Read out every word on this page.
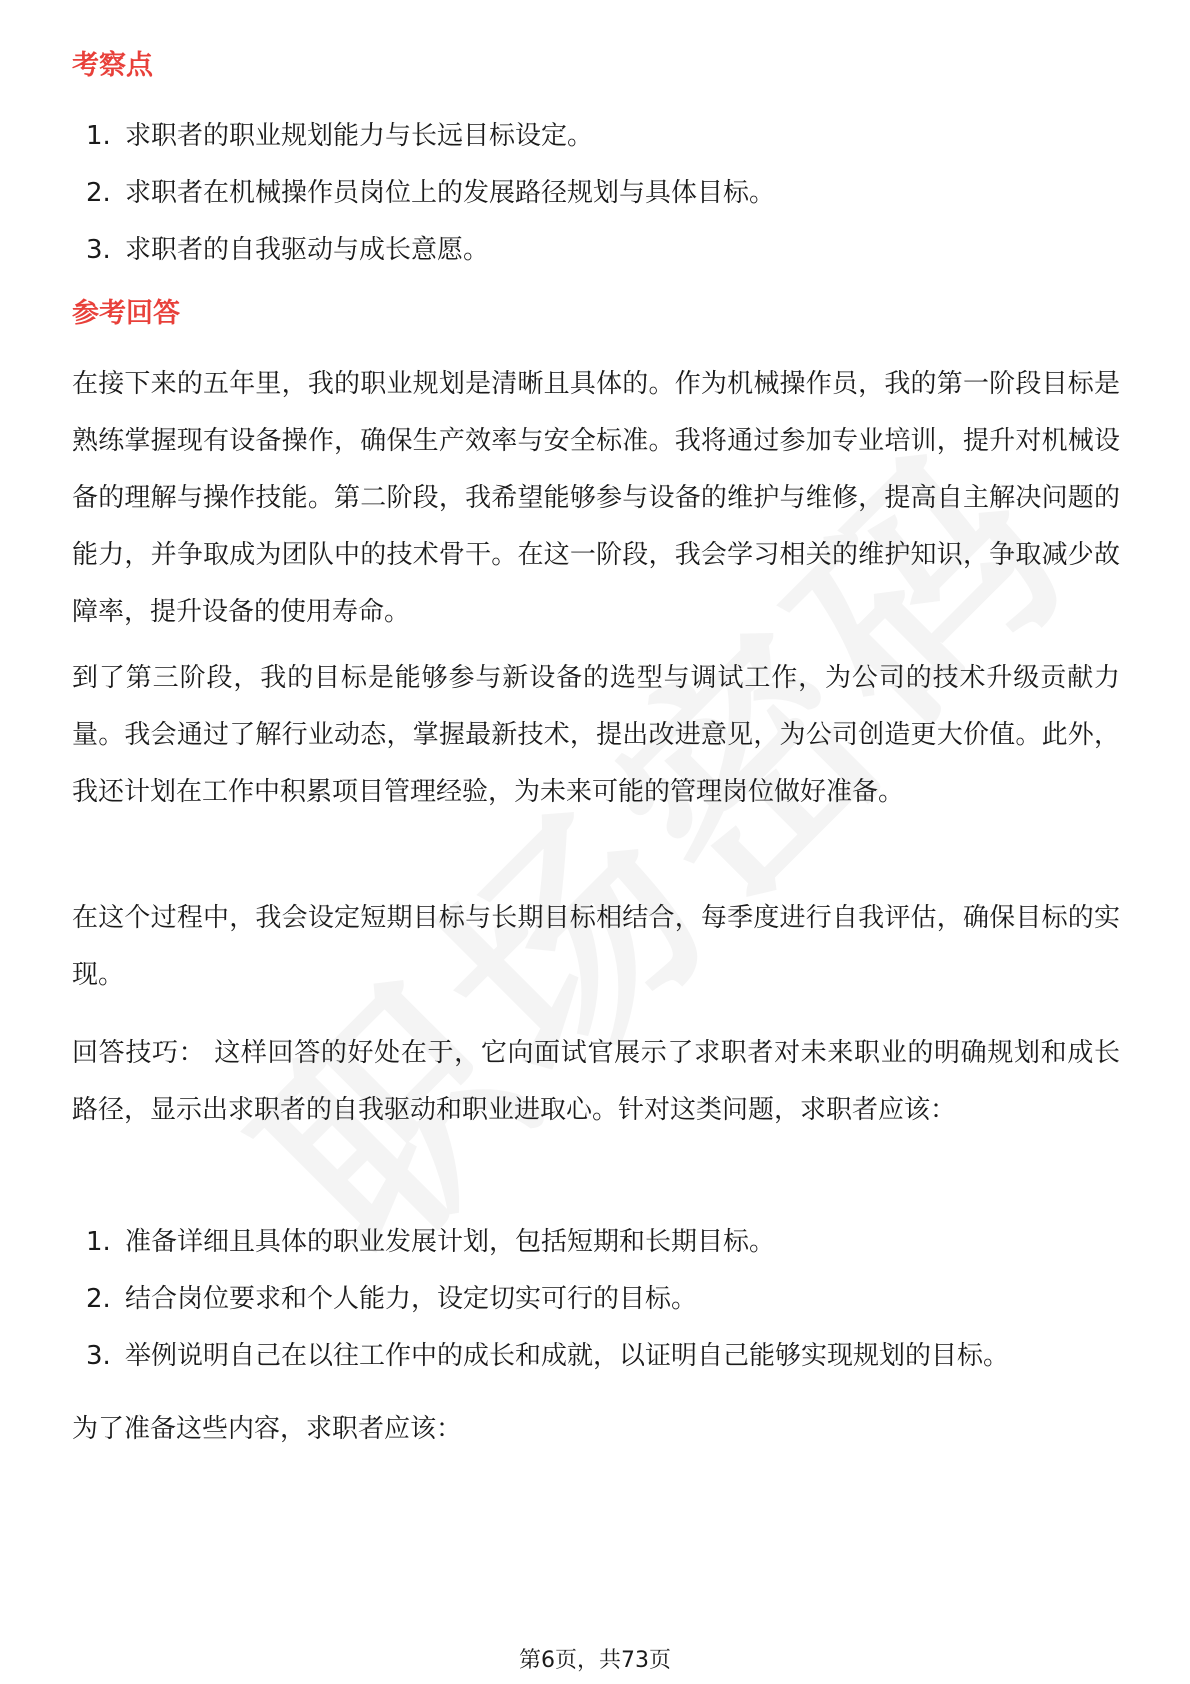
考察点
1. 求职者的职业规划能力与长远目标设定。
2. 求职者在机械操作员岗位上的发展路径规划与具体目标。
3. 求职者的自我驱动与成长意愿。
参考回答

在接下来的五年里，我的职业规划是清晰且具体的。作为机械操作员，我的第一阶段目标是熟练掌握现有设备操作，确保生产效率与安全标准。我将通过参加专业培训，提升对机械设备的理解与操作技能。第二阶段，我希望能够参与设备的维护与维修，提高自主解决问题的能力，并争取成为团队中的技术骨干。在这一阶段，我会学习相关的维护知识，争取减少故障率，提升设备的使用寿命。

到了第三阶段，我的目标是能够参与新设备的选型与调试工作，为公司的技术升级贡献力量。我会通过了解行业动态，掌握最新技术，提出改进意见，为公司创造更大价值。此外，我还计划在工作中积累项目管理经验，为未来可能的管理岗位做好准备。

在这个过程中，我会设定短期目标与长期目标相结合，每季度进行自我评估，确保目标的实现。

回答技巧： 这样回答的好处在于，它向面试官展示了求职者对未来职业的明确规划和成长路径，显示出求职者的自我驱动和职业进取心。针对这类问题，求职者应该：

1. 准备详细且具体的职业发展计划，包括短期和长期目标。
2. 结合岗位要求和个人能力，设定切实可行的目标。
3. 举例说明自己在以往工作中的成长和成就，以证明自己能够实现规划的目标。

为了准备这些内容，求职者应该：

第6页，共73页
